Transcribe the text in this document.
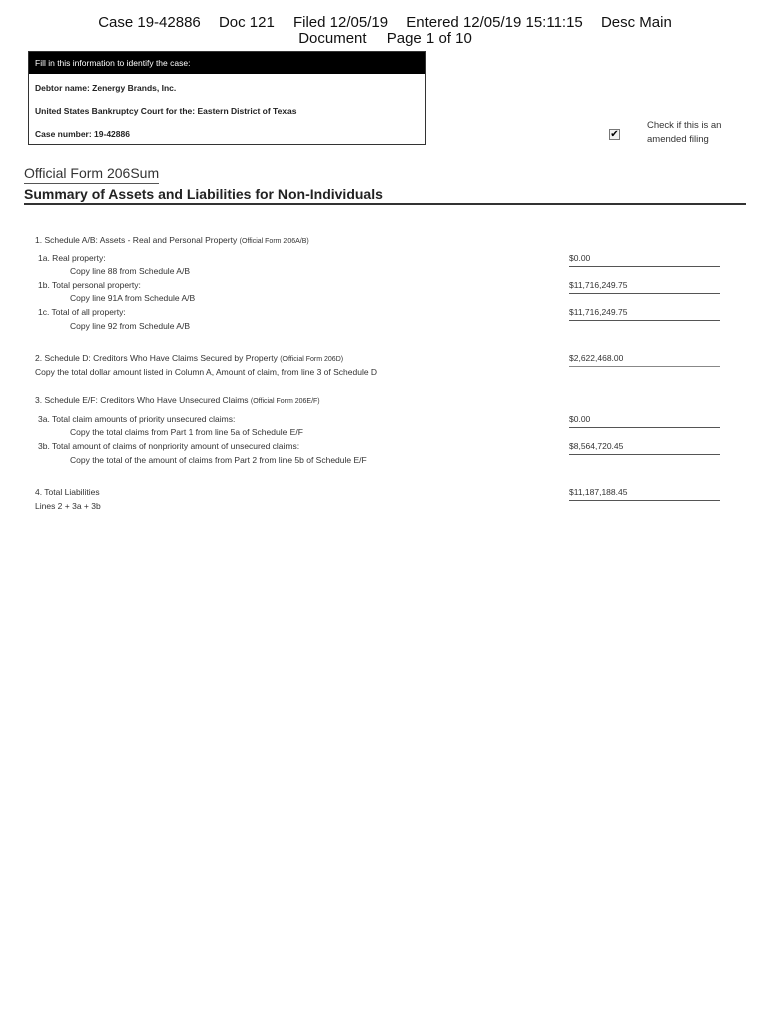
Case 19-42886 Doc 121 Filed 12/05/19 Entered 12/05/19 15:11:15 Desc Main
Document Page 1 of 10
Fill in this information to identify the case:
Debtor name: Zenergy Brands, Inc.
United States Bankruptcy Court for the: Eastern District of Texas
Case number: 19-42886	✔
Check if this is an amended filing
Official Form 206Sum
Summary of Assets and Liabilities for Non-Individuals
1. Schedule A/B: Assets - Real and Personal Property (Official Form 206A/B)
1a. Real property:
Copy line 88 from Schedule A/B
$0.00
1b. Total personal property:
Copy line 91A from Schedule A/B
$11,716,249.75
1c. Total of all property:
Copy line 92 from Schedule A/B
$11,716,249.75
2. Schedule D: Creditors Who Have Claims Secured by Property (Official Form 206D)
Copy the total dollar amount listed in Column A, Amount of claim, from line 3 of Schedule D
$2,622,468.00
3. Schedule E/F: Creditors Who Have Unsecured Claims (Official Form 206E/F)
3a. Total claim amounts of priority unsecured claims:
Copy the total claims from Part 1 from line 5a of Schedule E/F
$0.00
3b. Total amount of claims of nonpriority amount of unsecured claims:
Copy the total of the amount of claims from Part 2 from line 5b of Schedule E/F
$8,564,720.45
4. Total Liabilities
Lines 2 + 3a + 3b
$11,187,188.45
